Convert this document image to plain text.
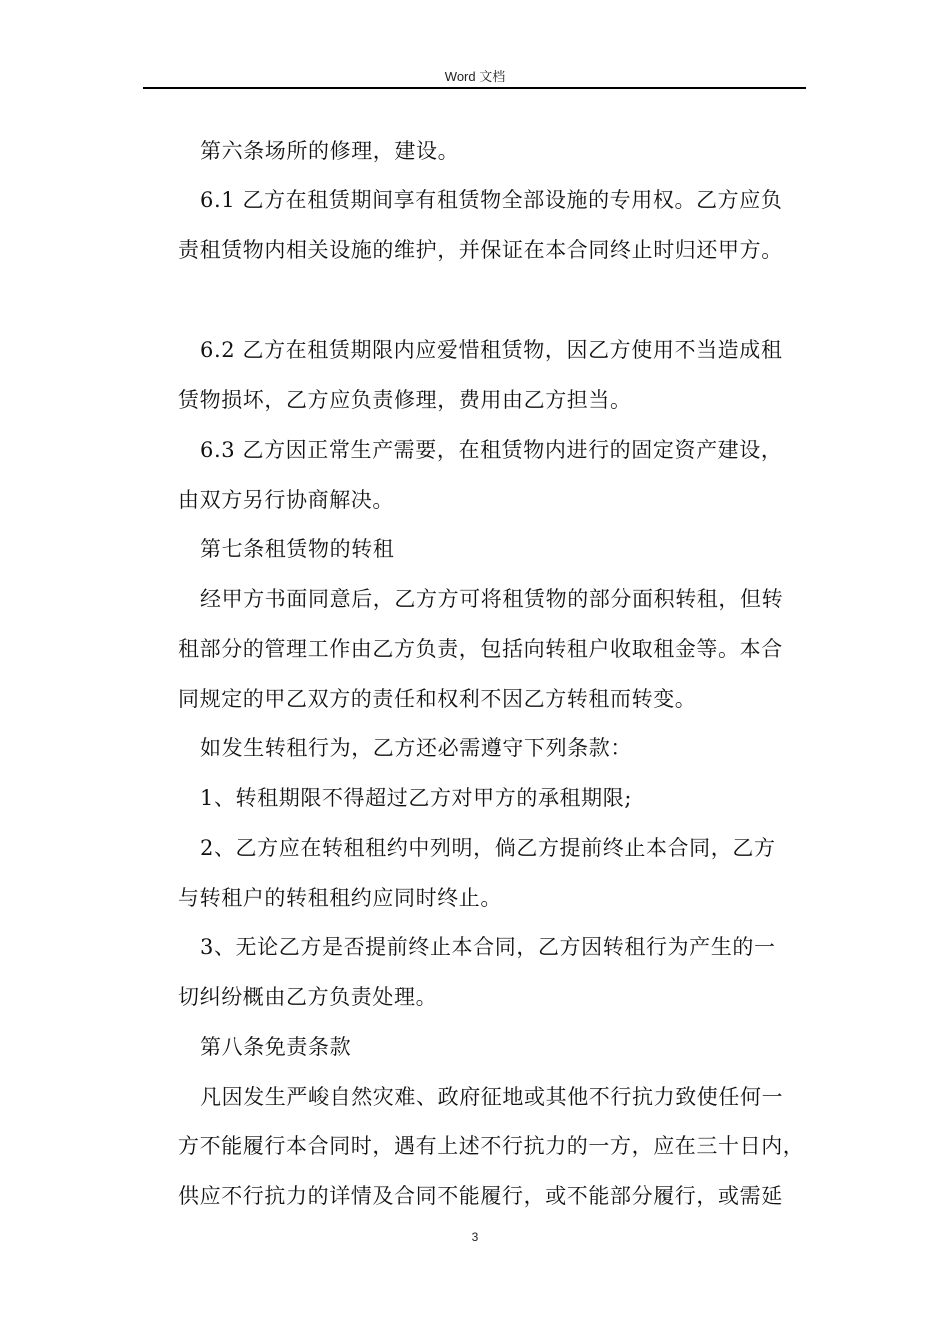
Word 文档
第六条场所的修理，建设。
6.1 乙方在租赁期间享有租赁物全部设施的专用权。乙方应负
责租赁物内相关设施的维护，并保证在本合同终止时归还甲方。
6.2 乙方在租赁期限内应爱惜租赁物，因乙方使用不当造成租
赁物损坏，乙方应负责修理，费用由乙方担当。
6.3 乙方因正常生产需要，在租赁物内进行的固定资产建设，
由双方另行协商解决。
第七条租赁物的转租
经甲方书面同意后，乙方方可将租赁物的部分面积转租，但转
租部分的管理工作由乙方负责，包括向转租户收取租金等。本合
同规定的甲乙双方的责任和权利不因乙方转租而转变。
如发生转租行为，乙方还必需遵守下列条款：
1、转租期限不得超过乙方对甲方的承租期限;
2、乙方应在转租租约中列明，倘乙方提前终止本合同，乙方
与转租户的转租租约应同时终止。
3、无论乙方是否提前终止本合同，乙方因转租行为产生的一
切纠纷概由乙方负责处理。
第八条免责条款
凡因发生严峻自然灾难、政府征地或其他不行抗力致使任何一
方不能履行本合同时，遇有上述不行抗力的一方，应在三十日内，
供应不行抗力的详情及合同不能履行，或不能部分履行，或需延
3
